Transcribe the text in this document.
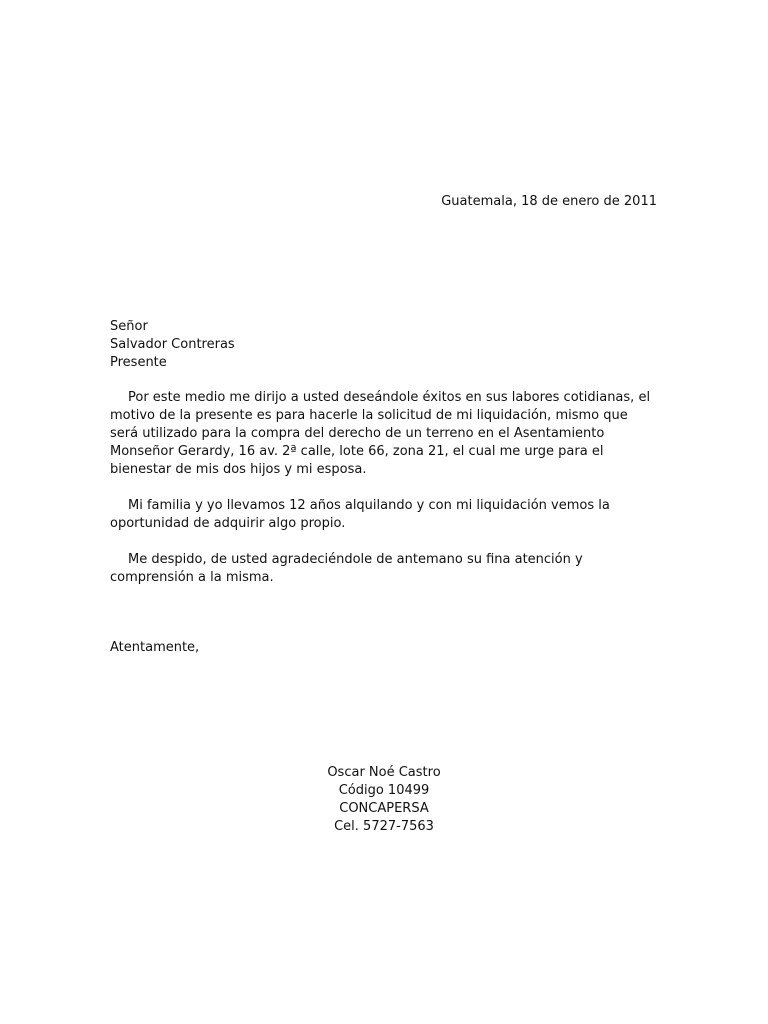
Guatemala, 18 de enero de 2011
Señor
Salvador Contreras
Presente

Por este medio me dirijo a usted deseándole éxitos en sus labores cotidianas, el motivo de la presente es para hacerle la solicitud de mi liquidación, mismo que será utilizado para la compra del derecho de un terreno en el Asentamiento Monseñor Gerardy, 16 av. 2ª calle, lote 66, zona 21, el cual me urge para el bienestar de mis dos hijos y mi esposa.

Mi familia y yo llevamos 12 años alquilando y con mi liquidación vemos la oportunidad de adquirir algo propio.

Me despido, de usted agradeciéndole de antemano su fina atención y comprensión a la misma.

Atentamente,
Oscar Noé Castro
Código 10499
CONCAPERSA
Cel. 5727-7563
